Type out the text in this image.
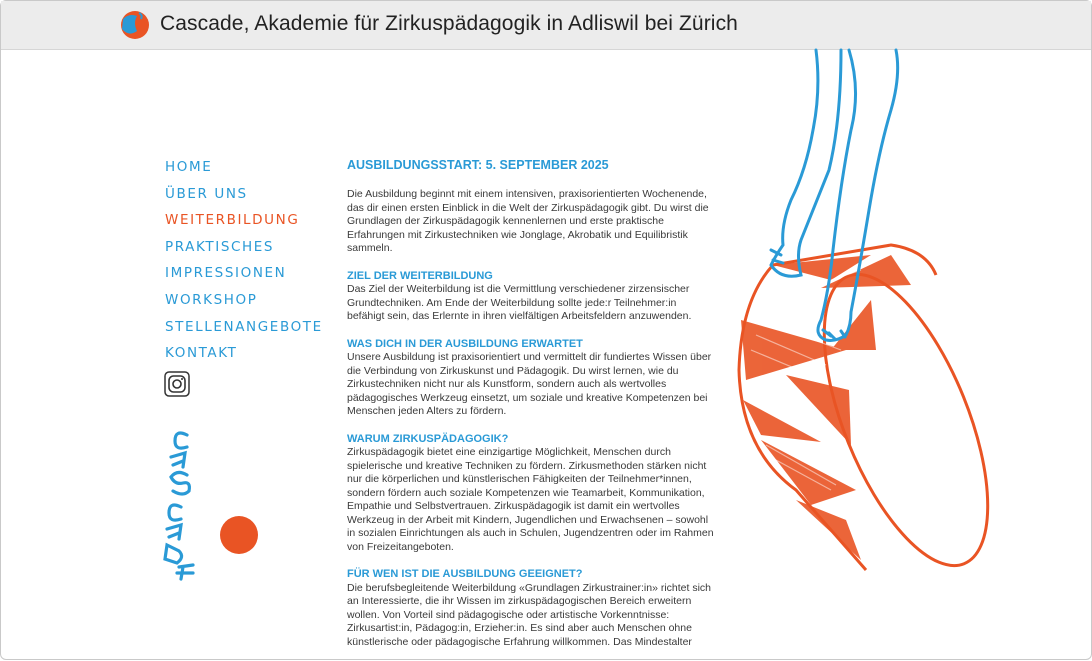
Cascade, Akademie für Zirkuspädagogik in Adliswil bei Zürich
HOME
ÜBER UNS
WEITERBILDUNG
PRAKTISCHES
IMPRESSIONEN
WORKSHOP
STELLENANGEBOTE
KONTAKT
CASCADE
AUSBILDUNGSSTART: 5. SEPTEMBER 2025
Die Ausbildung beginnt mit einem intensiven, praxisorientierten Wochenende,
das dir einen ersten Einblick in die Welt der Zirkuspädagogik gibt. Du wirst die
Grundlagen der Zirkuspädagogik kennenlernen und erste praktische
Erfahrungen mit Zirkustechniken wie Jonglage, Akrobatik und Equilibristik
sammeln.
ZIEL DER WEITERBILDUNG
Das Ziel der Weiterbildung ist die Vermittlung verschiedener zirzensischer
Grundtechniken. Am Ende der Weiterbildung sollte jede:r Teilnehmer:in
befähigt sein, das Erlernte in ihren vielfältigen Arbeitsfeldern anzuwenden.
WAS DICH IN DER AUSBILDUNG ERWARTET
Unsere Ausbildung ist praxisorientiert und vermittelt dir fundiertes Wissen über
die Verbindung von Zirkuskunst und Pädagogik. Du wirst lernen, wie du
Zirkustechniken nicht nur als Kunstform, sondern auch als wertvolles
pädagogisches Werkzeug einsetzt, um soziale und kreative Kompetenzen bei
Menschen jeden Alters zu fördern.
WARUM ZIRKUSPÄDAGOGIK?
Zirkuspädagogik bietet eine einzigartige Möglichkeit, Menschen durch
spielerische und kreative Techniken zu fördern. Zirkusmethoden stärken nicht
nur die körperlichen und künstlerischen Fähigkeiten der Teilnehmer*innen,
sondern fördern auch soziale Kompetenzen wie Teamarbeit, Kommunikation,
Empathie und Selbstvertrauen. Zirkuspädagogik ist damit ein wertvolles
Werkzeug in der Arbeit mit Kindern, Jugendlichen und Erwachsenen – sowohl
in sozialen Einrichtungen als auch in Schulen, Jugendzentren oder im Rahmen
von Freizeitangeboten.
FÜR WEN IST DIE AUSBILDUNG GEEIGNET?
Die berufsbegleitende Weiterbildung «Grundlagen Zirkustrainer:in» richtet sich
an Interessierte, die ihr Wissen im zirkuspädagogischen Bereich erweitern
wollen. Von Vorteil sind pädagogische oder artistische Vorkenntnisse:
Zirkusartist:in, Pädagog:in, Erzieher:in. Es sind aber auch Menschen ohne
künstlerische oder pädagogische Erfahrung willkommen. Das Mindestalter
